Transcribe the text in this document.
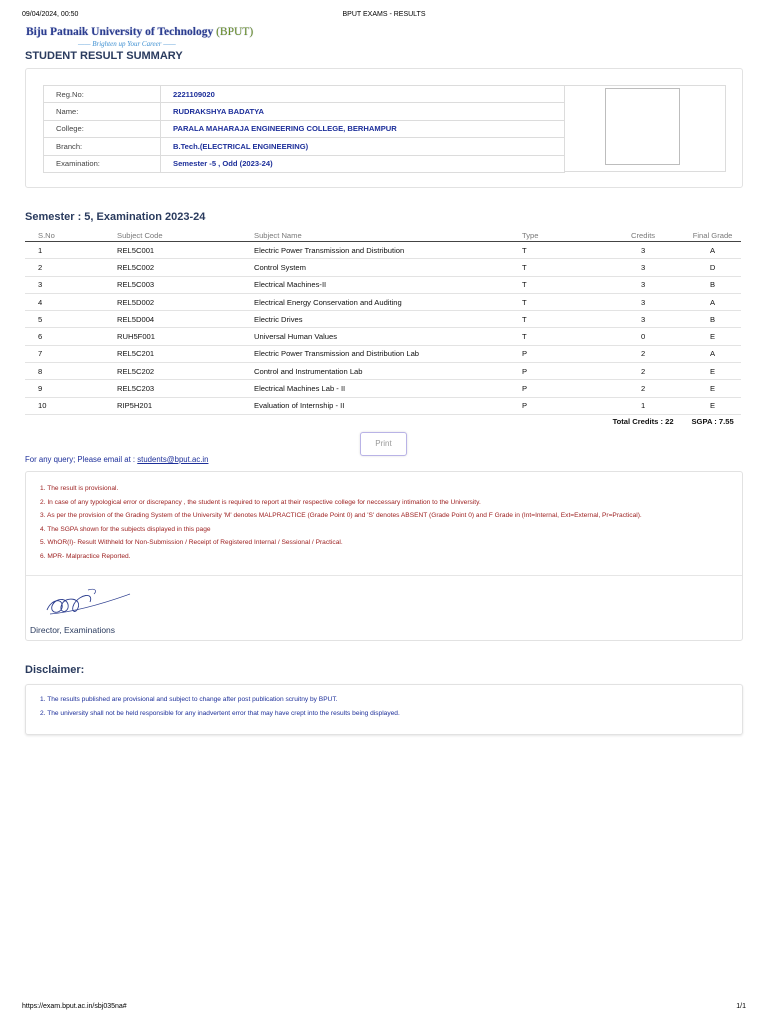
09/04/2024, 00:50	BPUT EXAMS - RESULTS
Biju Patnaik University of Technology (BPUT)
—— Brighten up Your Career ——
STUDENT RESULT SUMMARY
Reg.No:	2221109020
Name:	RUDRAKSHYA BADATYA
College:	PARALA MAHARAJA ENGINEERING COLLEGE, BERHAMPUR
Branch:	B.Tech.(ELECTRICAL ENGINEERING)
Examination:	Semester -5 , Odd (2023-24)
Semester : 5, Examination 2023-24
S.No	Subject Code	Subject Name	Type	Credits	Final Grade
1	REL5C001	Electric Power Transmission and Distribution	T	3	A
2	REL5C002	Control System	T	3	D
3	REL5C003	Electrical Machines-II	T	3	B
4	REL5D002	Electrical Energy Conservation and Auditing	T	3	A
5	REL5D004	Electric Drives	T	3	B
6	RUH5F001	Universal Human Values	T	0	E
7	REL5C201	Electric Power Transmission and Distribution Lab	P	2	A
8	REL5C202	Control and Instrumentation Lab	P	2	E
9	REL5C203	Electrical Machines Lab - II	P	2	E
10	RIP5H201	Evaluation of Internship - II	P	1	E
				Total Credits : 22	SGPA : 7.55
Print
For any query; Please email at : students@bput.ac.in
1. The result is provisional.
2. In case of any typological error or discrepancy , the student is required to report at their respective college for neccessary intimation to the University.
3. As per the provision of the Grading System of the University 'M' denotes MALPRACTICE (Grade Point 0) and 'S' denotes ABSENT (Grade Point 0) and F Grade in (Int=Internal, Ext=External, Pr=Practical).
4. The SGPA shown for the subjects displayed in this page
5. WhOR(I)- Result Withheld for Non-Submission / Receipt of Registered Internal / Sessional / Practical.
6. MPR- Malpractice Reported.
Director, Examinations
Disclaimer:
1. The results published are provisional and subject to change after post publication scruitny by BPUT.
2. The university shall not be held responsible for any inadvertent error that may have crept into the results being displayed.
https://exam.bput.ac.in/sbj035na#	1/1
